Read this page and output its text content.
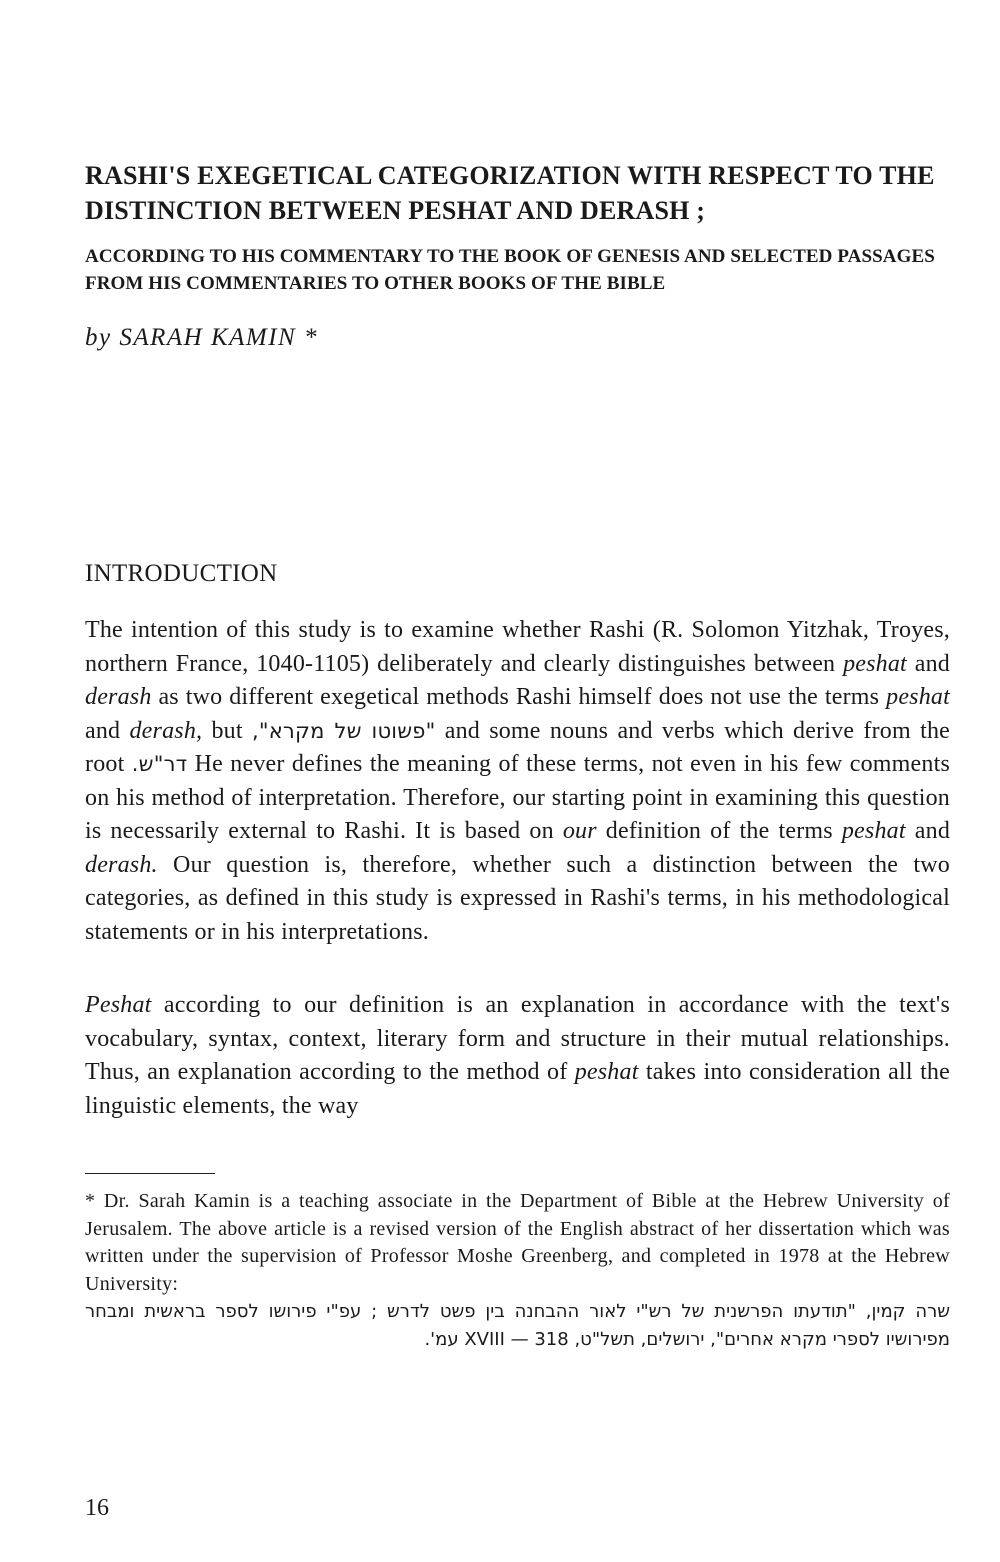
RASHI'S EXEGETICAL CATEGORIZATION WITH RESPECT TO THE DISTINCTION BETWEEN PESHAT AND DERASH ;
ACCORDING TO HIS COMMENTARY TO THE BOOK OF GENESIS AND SELECTED PASSAGES FROM HIS COMMENTARIES TO OTHER BOOKS OF THE BIBLE
by SARAH KAMIN *
INTRODUCTION

The intention of this study is to examine whether Rashi (R. Solomon Yitzhak, Troyes, northern France, 1040-1105) deliberately and clearly distinguishes between peshat and derash as two different exegetical methods Rashi himself does not use the terms peshat and derash, but "פשוטו של מקרא", and some nouns and verbs which derive from the root דר"ש. He never defines the meaning of these terms, not even in his few comments on his method of interpretation. Therefore, our starting point in examining this question is necessarily external to Rashi. It is based on our definition of the terms peshat and derash. Our question is, therefore, whether such a distinction between the two categories, as defined in this study is expressed in Rashi's terms, in his methodological statements or in his interpretations.

Peshat according to our definition is an explanation in accordance with the text's vocabulary, syntax, context, literary form and structure in their mutual relationships. Thus, an explanation according to the method of peshat takes into consideration all the linguistic elements, the way

* Dr. Sarah Kamin is a teaching associate in the Department of Bible at the Hebrew University of Jerusalem. The above article is a revised version of the English abstract of her dissertation which was written under the supervision of Professor Moshe Greenberg, and completed in 1978 at the Hebrew University:

שרה קמין, "תודעתו הפרשנית של רש"י לאור ההבחנה בין פשט לדרש ; עפ"י פירושו לספר בראשית ומבחר מפירושיו לספרי מקרא אחרים", ירושלים, תשל"ט, XVIII — 318 עמ'.

16
